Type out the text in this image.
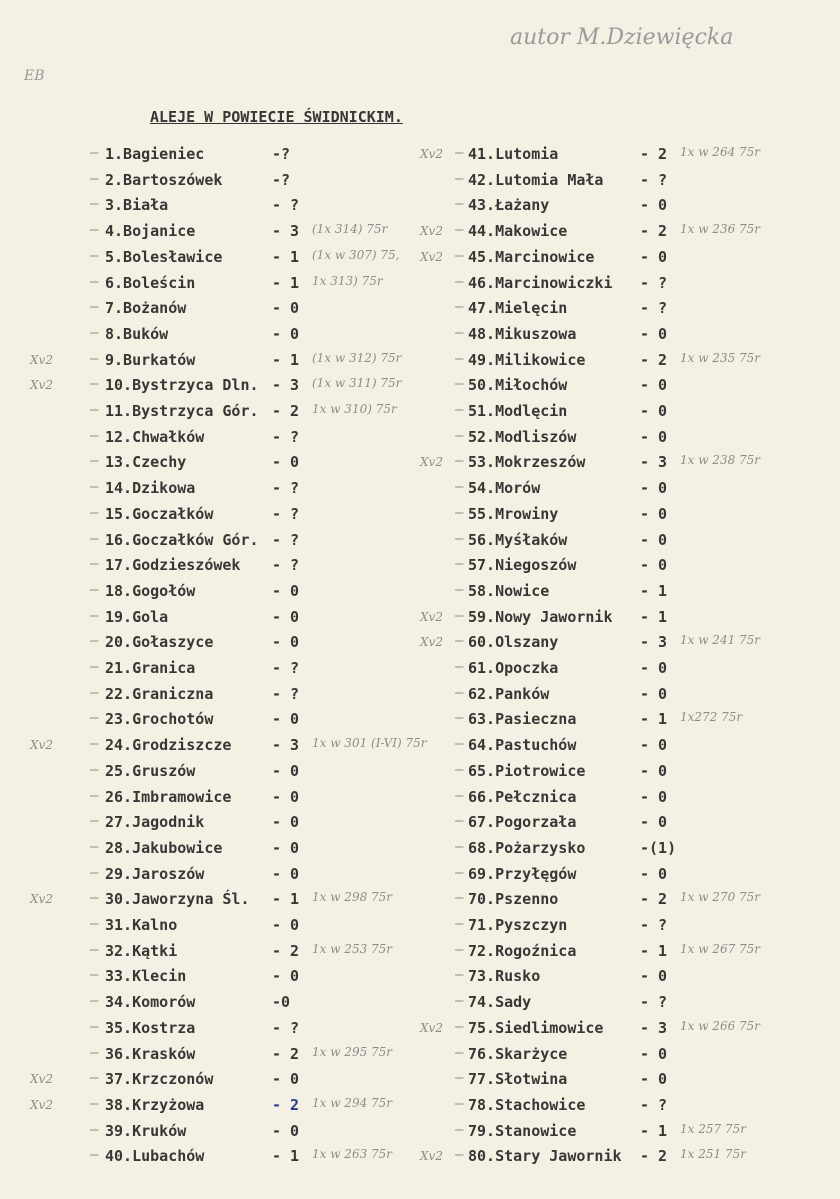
autor M.Dziewięcka
EB
ALEJE W POWIECIE ŚWIDNICKIM.
– 1.Bagieniec	-?
– 2.Bartoszówek	-?
– 3.Biała	- ?
– 4.Bojanice	- 3 (1x 314) 75r
– 5.Bolesławice	- 1 (1x w 307) 75,
– 6.Boleścin	- 1 1x 313) 75r
– 7.Bożanów	- 0
– 8.Buków	- 0
–
Xv2	9.Burkatów	- 1 (1x w 312) 75r
–
Xv2	10.Bystrzyca Dln. - 3 (1x w 311) 75r
– 11.Bystrzyca Gór. - 2 1x w 310) 75r
– 12.Chwałków	- ?
– 13.Czechy	- 0
– 14.Dzikowa	- ?
– 15.Goczałków	- ?
– 16.Goczałków Gór. - ?
– 17.Godzieszówek - ?
– 18.Gogołów	- 0
– 19.Gola	- 0
– 20.Gołaszyce	- 0
– 21.Granica	- ?
– 22.Graniczna	- ?
– 23.Grochotów	- 0
–
Xv2	24.Grodziszcze	- 3 1x w 301 (I-VI) 75r
– 25.Gruszów	- 0
– 26.Imbramowice	- 0
– 27.Jagodnik	- 0
– 28.Jakubowice	- 0
– 29.Jaroszów	- 0
–
Xv2	30.Jaworzyna Śl. - 1 1x w 298 75r
– 31.Kalno	- 0
– 32.Kątki	- 2 1x w 253 75r
– 33.Klecin	- 0
– 34.Komorów	-0
– 35.Kostrza	- ?
– 36.Krasków	- 2 1x w 295 75r
–
Xv2	37.Krzczonów	- 0
–
Xv2	38.Krzyżowa	- 2 1x w 294 75r
– 39.Kruków	- 0
– 40.Lubachów	- 1 1x w 263 75r
–
Xv2 41.Lutomia	- 2 1x w 264 75r
– 42.Lutomia Mała - ?
– 43.Łażany	- 0
–
Xv2 44.Makowice	- 2 1x w 236 75r
–
Xv2 45.Marcinowice	- 0
– 46.Marcinowiczki - ?
– 47.Mielęcin	- ?
– 48.Mikuszowa	- 0
– 49.Milikowice	- 2 1x w 235 75r
– 50.Miłochów	- 0
– 51.Modlęcin	- 0
– 52.Modliszów	- 0
–
Xv2 53.Mokrzeszów	- 3 1x w 238 75r
– 54.Morów	- 0
– 55.Mrowiny	- 0
– 56.Myśłaków	- 0
– 57.Niegoszów	- 0
– 58.Nowice	- 1
–
Xv2 59.Nowy Jawornik - 1
–
Xv2 60.Olszany	- 3 1x w 241 75r
– 61.Opoczka	- 0
– 62.Panków	- 0
– 63.Pasieczna	- 1 1x272 75r
– 64.Pastuchów	- 0
– 65.Piotrowice	- 0
– 66.Pełcznica	- 0
– 67.Pogorzała	- 0
– 68.Pożarzysko	-(1)
– 69.Przyłęgów	- 0
– 70.Pszenno	- 2 1x w 270 75r
– 71.Pyszczyn	- ?
– 72.Rogoźnica	- 1 1x w 267 75r
– 73.Rusko	- 0
– 74.Sady	- ?
–
Xv2 75.Siedlimowice - 3 1x w 266 75r
– 76.Skarżyce	- 0
– 77.Słotwina	- 0
– 78.Stachowice	- ?
– 79.Stanowice	- 1 1x 257 75r
–
Xv2 80.Stary Jawornik - 2 1x 251 75r
